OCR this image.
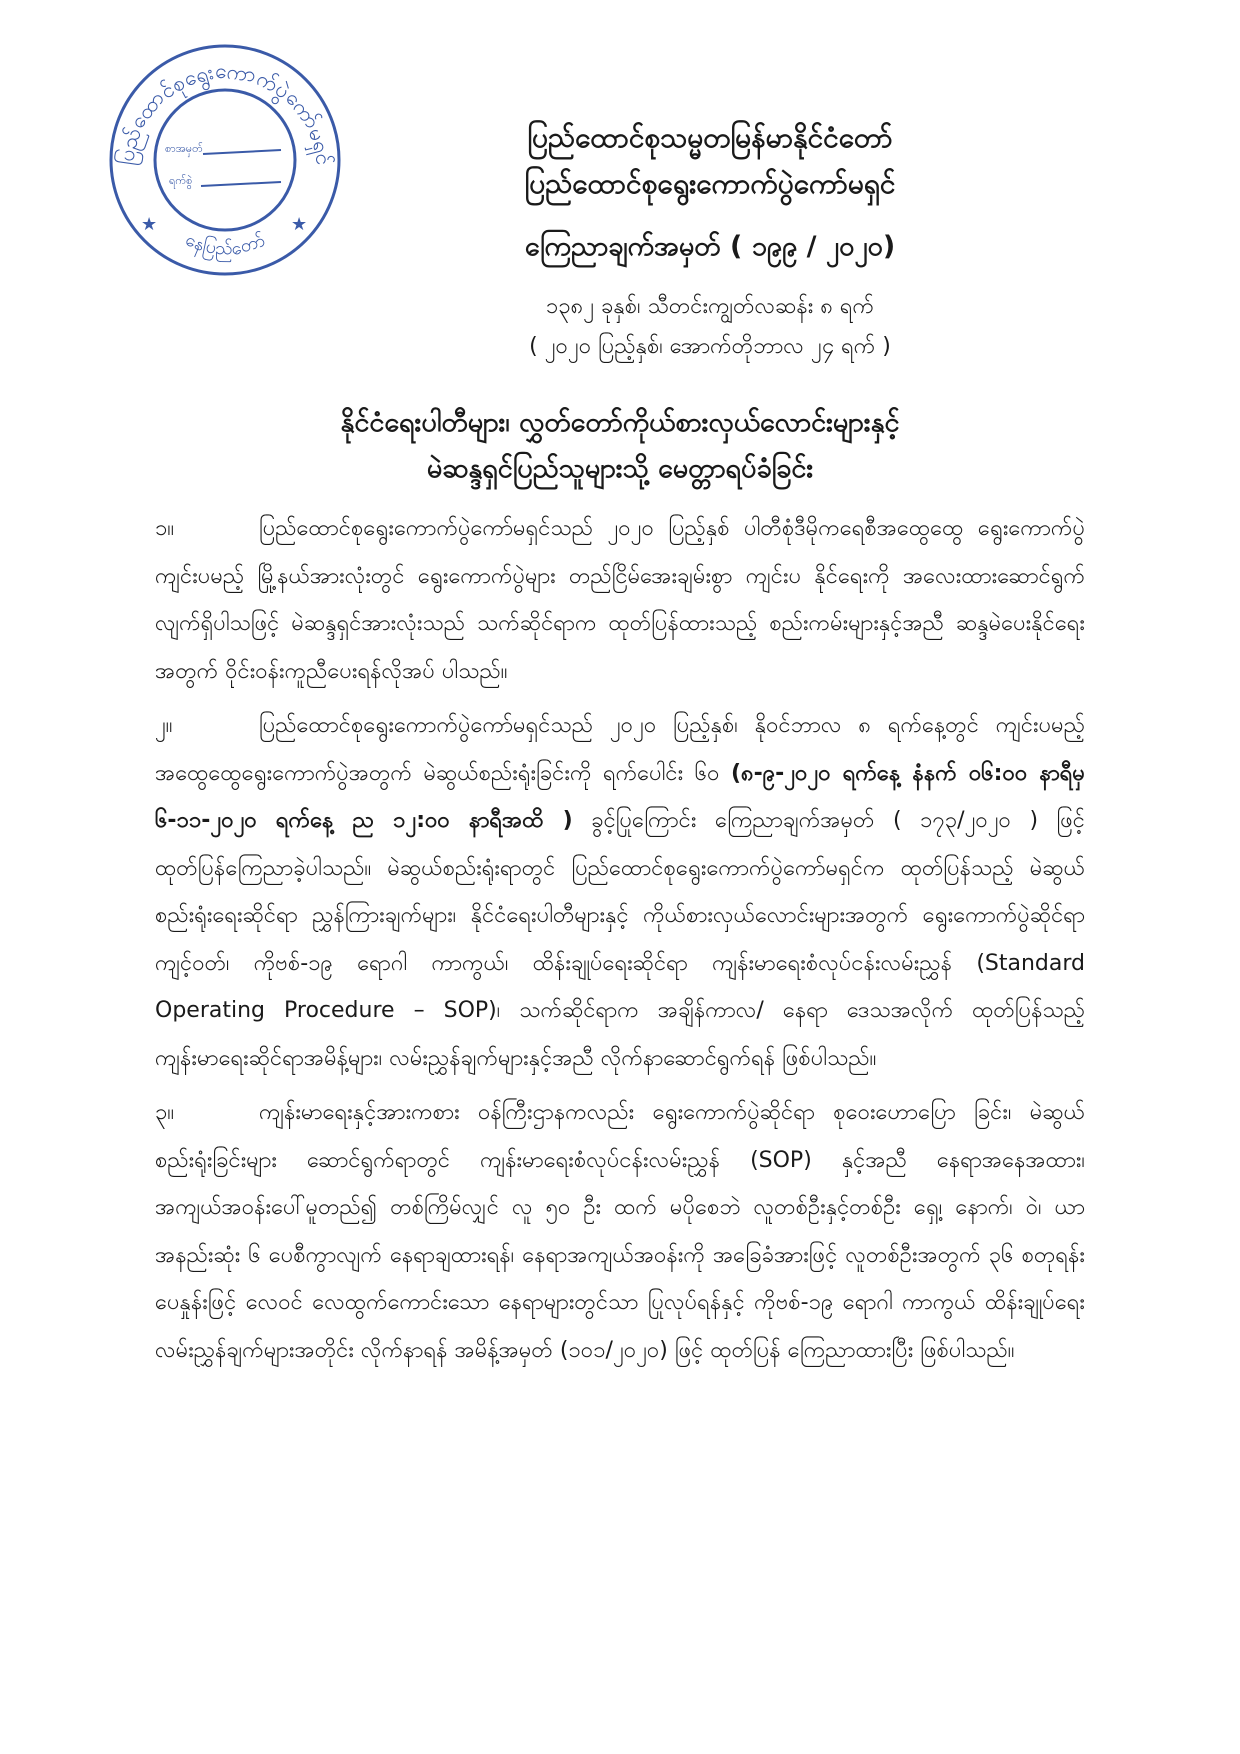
ပြည်ထောင်စုရွေးကောက်ပွဲကော်မရှင်
စာအမှတ်
ရက်စွဲ
★	★
နေပြည်တော်
ပြည်ထောင်စုသမ္မတမြန်မာနိုင်ငံတော်
ပြည်ထောင်စုရွေးကောက်ပွဲကော်မရှင်
ကြေညာချက်အမှတ် ( ၁၉၉ / ၂၀၂၀)
၁၃၈၂ ခုနှစ်၊ သီတင်းကျွတ်လဆန်း ၈ ရက်
( ၂၀၂၀ ပြည့်နှစ်၊ အောက်တိုဘာလ ၂၄ ရက် )
နိုင်ငံရေးပါတီများ၊ လွှတ်တော်ကိုယ်စားလှယ်လောင်းများနှင့်
မဲဆန္ဒရှင်ပြည်သူများသို့ မေတ္တာရပ်ခံခြင်း

၁။	ပြည်ထောင်စုရွေးကောက်ပွဲကော်မရှင်သည် ၂၀၂၀ ပြည့်နှစ် ပါတီစုံဒီမိုကရေစီအထွေထွေ ရွေးကောက်ပွဲ ကျင်းပမည့် မြို့နယ်အားလုံးတွင် ရွေးကောက်ပွဲများ တည်ငြိမ်အေးချမ်းစွာ ကျင်းပ နိုင်ရေးကို အလေးထားဆောင်ရွက်လျက်ရှိပါသဖြင့် မဲဆန္ဒရှင်အားလုံးသည် သက်ဆိုင်ရာက ထုတ်ပြန်ထားသည့် စည်းကမ်းများနှင့်အညီ ဆန္ဒမဲပေးနိုင်ရေးအတွက် ဝိုင်းဝန်းကူညီပေးရန်လိုအပ် ပါသည်။

၂။	ပြည်ထောင်စုရွေးကောက်ပွဲကော်မရှင်သည် ၂၀၂၀ ပြည့်နှစ်၊ နိုဝင်ဘာလ ၈ ရက်နေ့တွင် ကျင်းပမည့် အထွေထွေရွေးကောက်ပွဲအတွက် မဲဆွယ်စည်းရုံးခြင်းကို ရက်ပေါင်း ၆၀ (၈-၉-၂၀၂၀ ရက်နေ့ နံနက် ၀၆:၀၀ နာရီမှ ၆-၁၁-၂၀၂၀ ရက်နေ့ ည ၁၂:၀၀ နာရီအထိ ) ခွင့်ပြုကြောင်း ကြေညာချက်အမှတ် ( ၁၇၃/၂၀၂၀ ) ဖြင့် ထုတ်ပြန်ကြေညာခဲ့ပါသည်။ မဲဆွယ်စည်းရုံးရာတွင် ပြည်ထောင်စုရွေးကောက်ပွဲကော်မရှင်က ထုတ်ပြန်သည့် မဲဆွယ်စည်းရုံးရေးဆိုင်ရာ ညွှန်ကြားချက်များ၊ နိုင်ငံရေးပါတီများနှင့် ကိုယ်စားလှယ်လောင်းများအတွက် ရွေးကောက်ပွဲဆိုင်ရာကျင့်ဝတ်၊ ကိုဗစ်-၁၉ ရောဂါ ကာကွယ်၊ ထိန်းချုပ်ရေးဆိုင်ရာ ကျန်းမာရေးစံလုပ်ငန်းလမ်းညွှန် (Standard Operating Procedure – SOP)၊ သက်ဆိုင်ရာက အချိန်ကာလ/ နေရာ ဒေသအလိုက် ထုတ်ပြန်သည့် ကျန်းမာရေးဆိုင်ရာအမိန့်များ၊ လမ်းညွှန်ချက်များနှင့်အညီ လိုက်နာဆောင်ရွက်ရန် ဖြစ်ပါသည်။

၃။	ကျန်းမာရေးနှင့်အားကစား ဝန်ကြီးဌာနကလည်း ရွေးကောက်ပွဲဆိုင်ရာ စုဝေးဟောပြော ခြင်း၊ မဲဆွယ်စည်းရုံးခြင်းများ ဆောင်ရွက်ရာတွင် ကျန်းမာရေးစံလုပ်ငန်းလမ်းညွှန် (SOP) နှင့်အညီ နေရာအနေအထား၊ အကျယ်အဝန်းပေါ်မူတည်၍ တစ်ကြိမ်လျှင် လူ ၅၀ ဦး ထက် မပိုစေဘဲ လူတစ်ဦးနှင့်တစ်ဦး ရှေ့၊ နောက်၊ ဝဲ၊ ယာ အနည်းဆုံး ၆ ပေစီကွာလျက် နေရာချထားရန်၊ နေရာအကျယ်အဝန်းကို အခြေခံအားဖြင့် လူတစ်ဦးအတွက် ၃၆ စတုရန်းပေနှုန်းဖြင့် လေဝင် လေထွက်ကောင်းသော နေရာများတွင်သာ ပြုလုပ်ရန်နှင့် ကိုဗစ်-၁၉ ရောဂါ ကာကွယ် ထိန်းချုပ်ရေး လမ်းညွှန်ချက်များအတိုင်း လိုက်နာရန် အမိန့်အမှတ် (၁၀၁/၂၀၂၀) ဖြင့် ထုတ်ပြန် ကြေညာထားပြီး ဖြစ်ပါသည်။
